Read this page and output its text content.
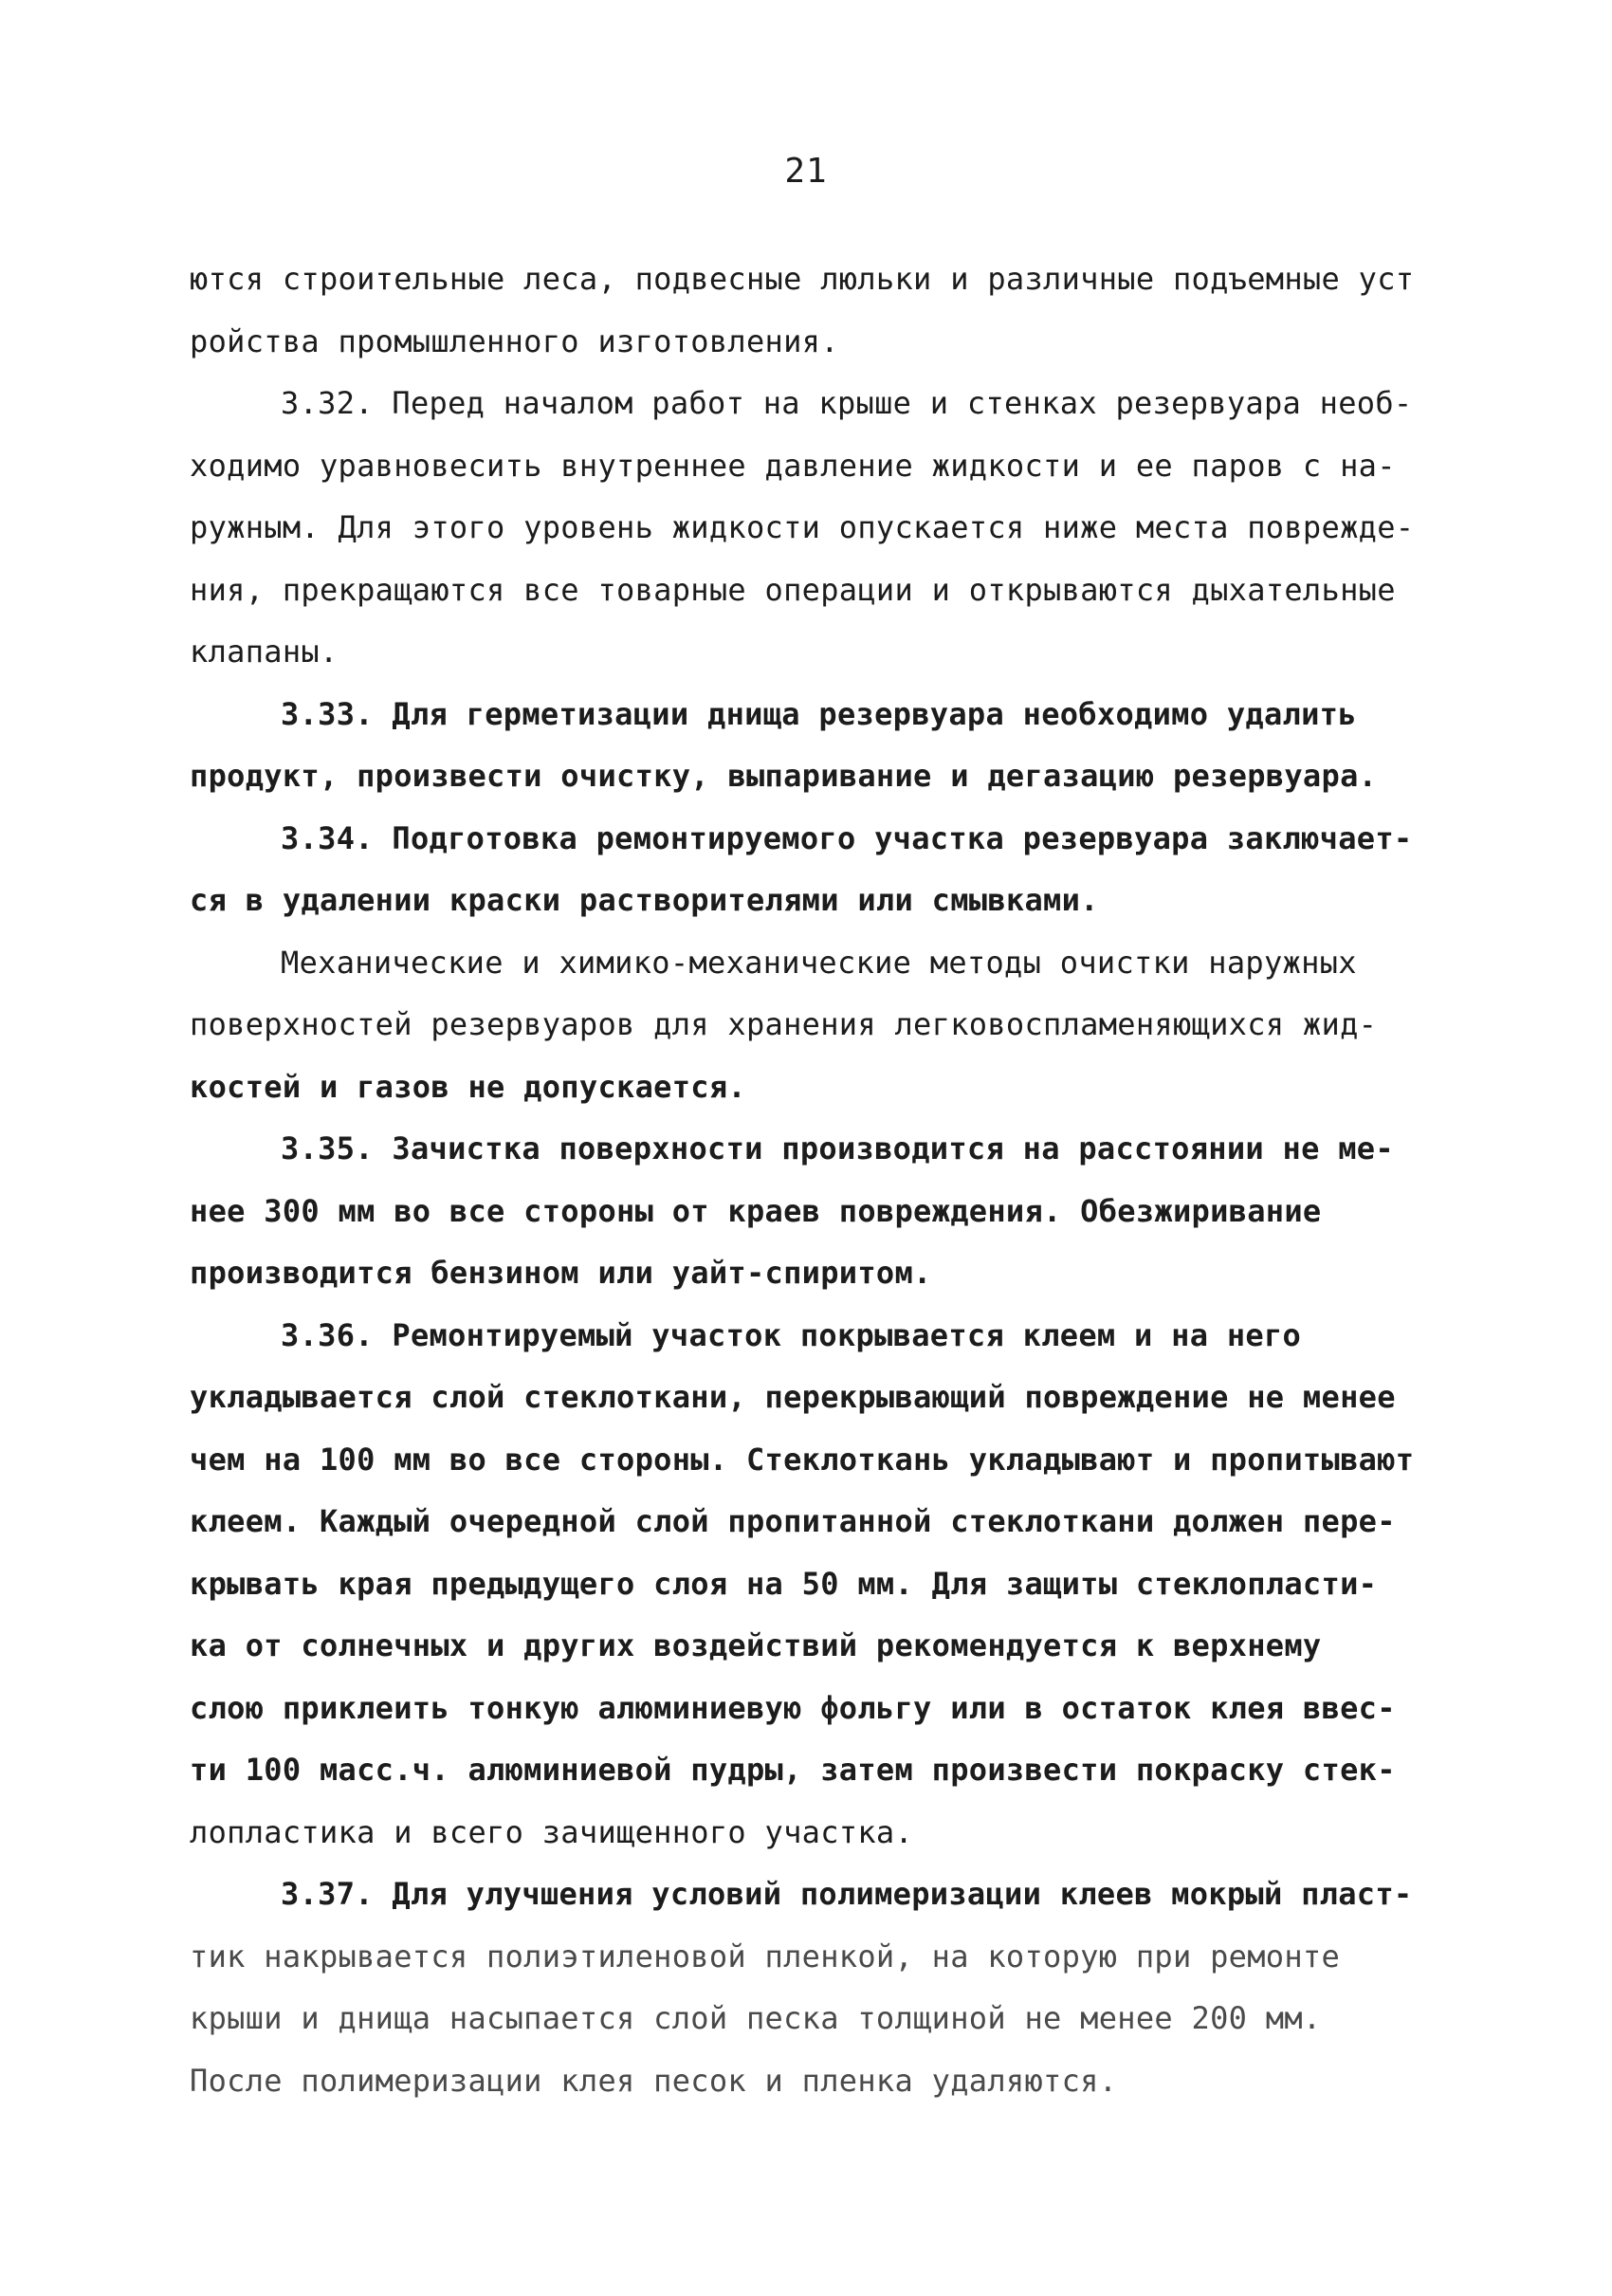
21
ются строительные леса, подвесные люльки и различные подъемные уст
ройства промышленного изготовления.
3.32. Перед началом работ на крыше и стенках резервуара необ-
ходимо уравновесить внутреннее давление жидкости и ее паров с на-
ружным. Для этого уровень жидкости опускается ниже места поврежде-
ния, прекращаются все товарные операции и открываются дыхательные
клапаны.
3.33. Для герметизации днища резервуара необходимо удалить
продукт, произвести очистку, выпаривание и дегазацию резервуара.
3.34. Подготовка ремонтируемого участка резервуара заключает-
ся в удалении краски растворителями или смывками.
Механические и химико-механические методы очистки наружных
поверхностей резервуаров для хранения легковоспламеняющихся жид-
костей и газов не допускается.
3.35. Зачистка поверхности производится на расстоянии не ме-
нее 300 мм во все стороны от краев повреждения. Обезжиривание
производится бензином или уайт-спиритом.
3.36. Ремонтируемый участок покрывается клеем и на него
укладывается слой стеклоткани, перекрывающий повреждение не менее
чем на 100 мм во все стороны. Стеклоткань укладывают и пропитывают
клеем. Каждый очередной слой пропитанной стеклоткани должен пере-
крывать края предыдущего слоя на 50 мм. Для защиты стеклопласти-
ка от солнечных и других воздействий рекомендуется к верхнему
слою приклеить тонкую алюминиевую фольгу или в остаток клея ввес-
ти 100 масс.ч. алюминиевой пудры, затем произвести покраску стек-
лопластика и всего зачищенного участка.
3.37. Для улучшения условий полимеризации клеев мокрый пласт-
тик накрывается полиэтиленовой пленкой, на которую при ремонте
крыши и днища насыпается слой песка толщиной не менее 200 мм.
После полимеризации клея песок и пленка удаляются.
